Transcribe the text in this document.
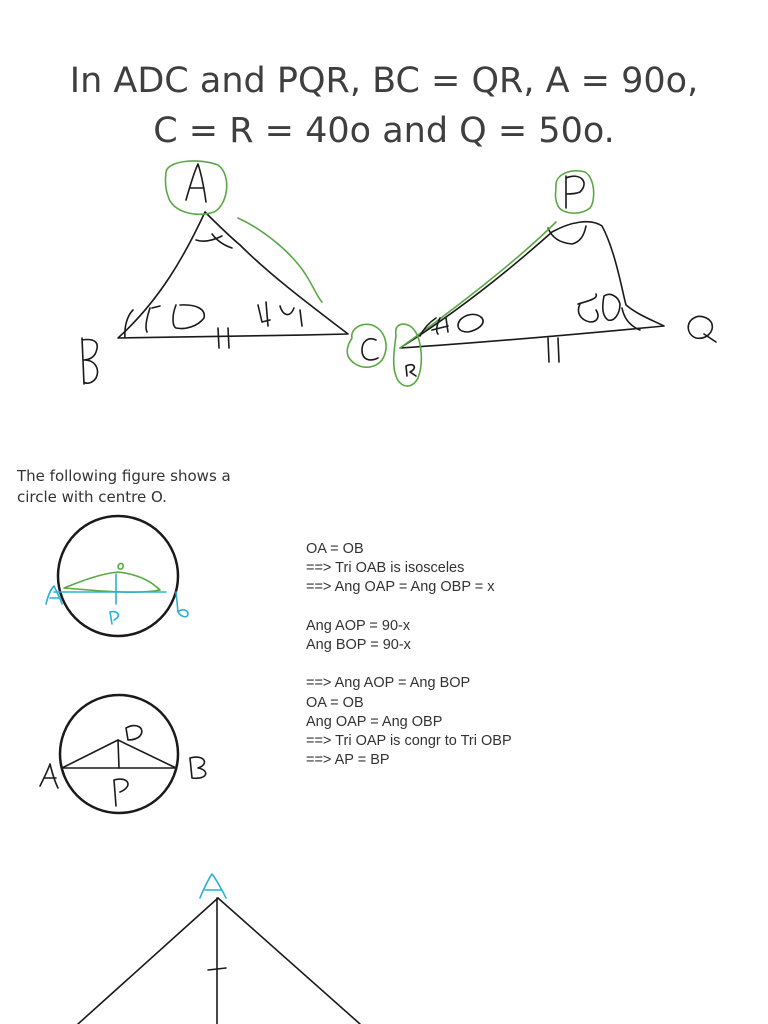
In ADC and PQR, BC = QR, A = 90o, C = R = 40o and Q = 50o.
The following figure shows a circle with centre O.
OA = OB
==> Tri OAB is isosceles
==> Ang OAP = Ang OBP = x
Ang AOP = 90-x
Ang BOP = 90-x
==> Ang AOP = Ang BOP
OA = OB
Ang OAP = Ang OBP
==> Tri OAP is congr to Tri OBP
==> AP = BP
